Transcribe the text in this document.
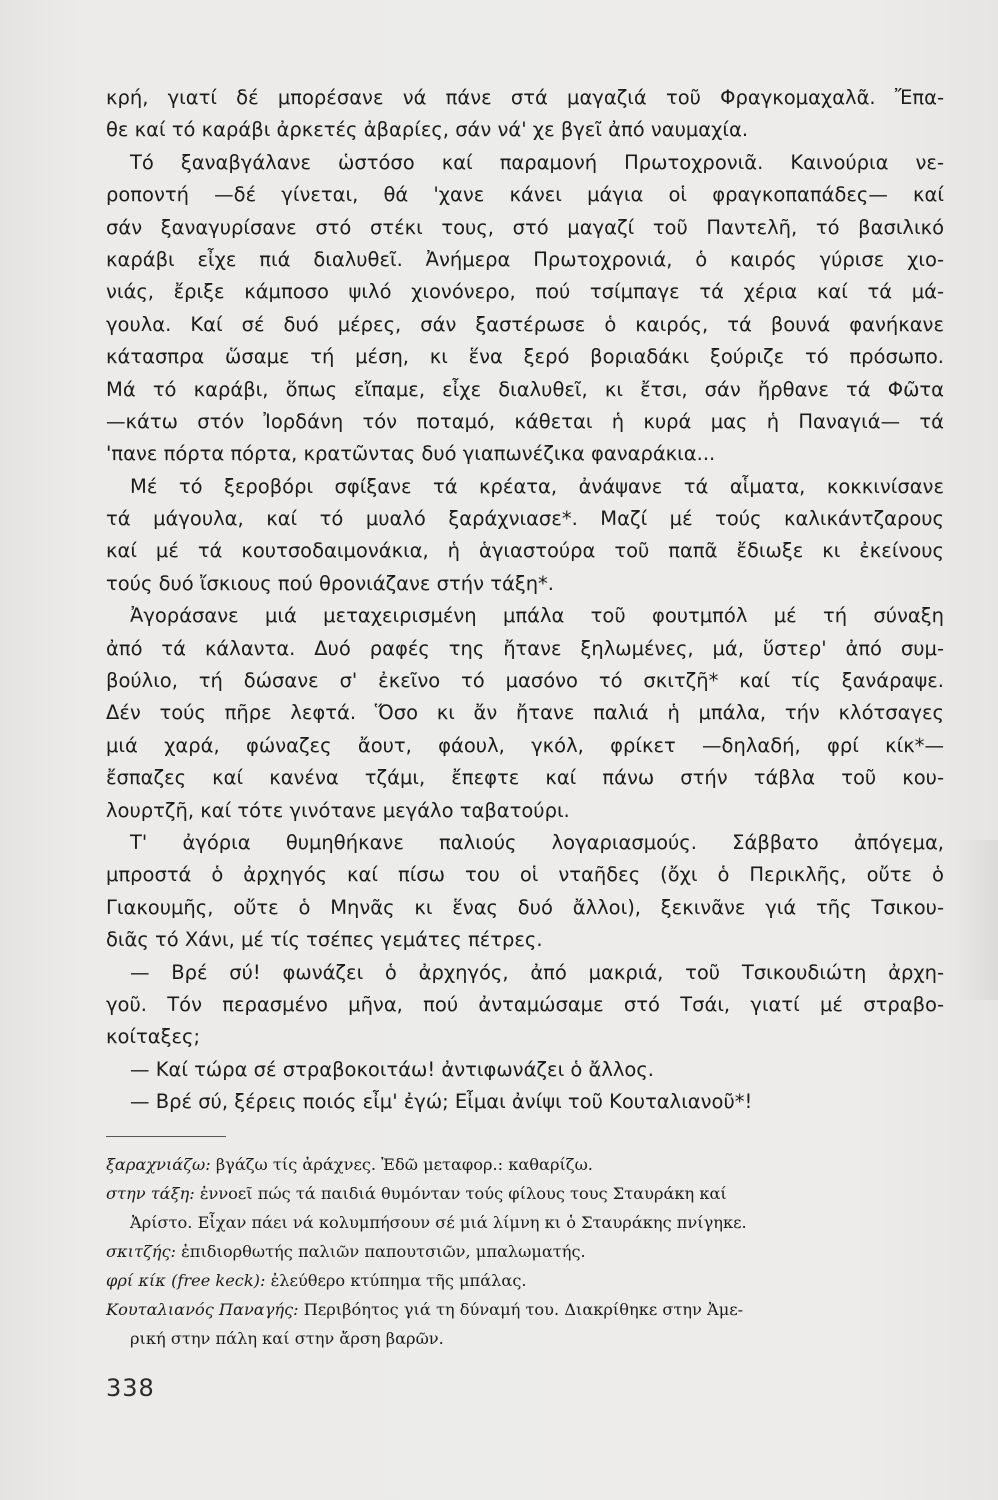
κρή, γιατί δέ μπορέσανε νά πάνε στά μαγαζιά τοῦ Φραγκομαχαλᾶ. Ἔπα-
θε καί τό καράβι ἀρκετές ἀβαρίες, σάν νά' χε βγεῖ ἀπό ναυμαχία.
Τό ξαναβγάλανε ὡστόσο καί παραμονή Πρωτοχρονιᾶ. Καινούρια νε-
ροποντή —δέ γίνεται, θά 'χανε κάνει μάγια οἱ φραγκοπαπάδες— καί
σάν ξαναγυρίσανε στό στέκι τους, στό μαγαζί τοῦ Παντελῆ, τό βασιλικό
καράβι εἶχε πιά διαλυθεῖ. Ἀνήμερα Πρωτοχρονιά, ὁ καιρός γύρισε χιο-
νιάς, ἔριξε κάμποσο ψιλό χιονόνερο, πού τσίμπαγε τά χέρια καί τά μά-
γουλα. Καί σέ δυό μέρες, σάν ξαστέρωσε ὁ καιρός, τά βουνά φανήκανε
κάτασπρα ὥσαμε τή μέση, κι ἕνα ξερό βοριαδάκι ξούριζε τό πρόσωπο.
Μά τό καράβι, ὅπως εἴπαμε, εἶχε διαλυθεῖ, κι ἔτσι, σάν ἤρθανε τά Φῶτα
—κάτω στόν Ἰορδάνη τόν ποταμό, κάθεται ἡ κυρά μας ἡ Παναγιά— τά
'πανε πόρτα πόρτα, κρατῶντας δυό γιαπωνέζικα φαναράκια...
Μέ τό ξεροβόρι σφίξανε τά κρέατα, ἀνάψανε τά αἷματα, κοκκινίσανε
τά μάγουλα, καί τό μυαλό ξαράχνιασε*. Μαζί μέ τούς καλικάντζαρους
καί μέ τά κουτσοδαιμονάκια, ἡ ἁγιαστούρα τοῦ παπᾶ ἔδιωξε κι ἐκείνους
τούς δυό ἴσκιους πού θρονιάζανε στήν τάξη*.
Ἀγοράσανε μιά μεταχειρισμένη μπάλα τοῦ φουτμπόλ μέ τή σύναξη
ἀπό τά κάλαντα. Δυό ραφές της ἤτανε ξηλωμένες, μά, ὕστερ' ἀπό συμ-
βούλιο, τή δώσανε σ' ἐκεῖνο τό μασόνο τό σκιτζῆ* καί τίς ξανάραψε.
Δέν τούς πῆρε λεφτά. Ὅσο κι ἄν ἤτανε παλιά ἡ μπάλα, τήν κλότσαγες
μιά χαρά, φώναζες ἄουτ, φάουλ, γκόλ, φρίκετ —δηλαδή, φρί κίκ*—
ἔσπαζες καί κανένα τζάμι, ἔπεφτε καί πάνω στήν τάβλα τοῦ κου-
λουρτζῆ, καί τότε γινότανε μεγάλο ταβατούρι.
Τ' ἀγόρια θυμηθήκανε παλιούς λογαριασμούς. Σάββατο ἀπόγεμα,
μπροστά ὁ ἀρχηγός καί πίσω του οἱ νταῆδες (ὄχι ὁ Περικλῆς, οὔτε ὁ
Γιακουμῆς, οὔτε ὁ Μηνᾶς κι ἕνας δυό ἄλλοι), ξεκινᾶνε γιά τῆς Τσικου-
διᾶς τό Χάνι, μέ τίς τσέπες γεμάτες πέτρες.
— Βρέ σύ! φωνάζει ὁ ἀρχηγός, ἀπό μακριά, τοῦ Τσικουδιώτη ἀρχη-
γοῦ. Τόν περασμένο μῆνα, πού ἀνταμώσαμε στό Τσάι, γιατί μέ στραβο-
κοίταξες;
— Καί τώρα σέ στραβοκοιτάω! ἀντιφωνάζει ὁ ἄλλος.
— Βρέ σύ, ξέρεις ποιός εἶμ' ἐγώ; Εἶμαι ἀνίψι τοῦ Κουταλιανοῦ*!
ξαραχνιάζω: βγάζω τίς ἀράχνες. Ἐδῶ μεταφορ.: καθαρίζω.
στην τάξη: ἐννοεῖ πώς τά παιδιά θυμόνταν τούς φίλους τους Σταυράκη καί
Ἀρίστο. Εἶχαν πάει νά κολυμπήσουν σέ μιά λίμνη κι ὁ Σταυράκης πνίγηκε.
σκιτζής: ἐπιδιορθωτής παλιῶν παπουτσιῶν, μπαλωματής.
φρί κίκ (free keck): ἐλεύθερο κτύπημα τῆς μπάλας.
Κουταλιανός Παναγής: Περιβόητος γιά τη δύναμή του. Διακρίθηκε στην Ἀμε-
ρική στην πάλη καί στην ἄρση βαρῶν.
338
